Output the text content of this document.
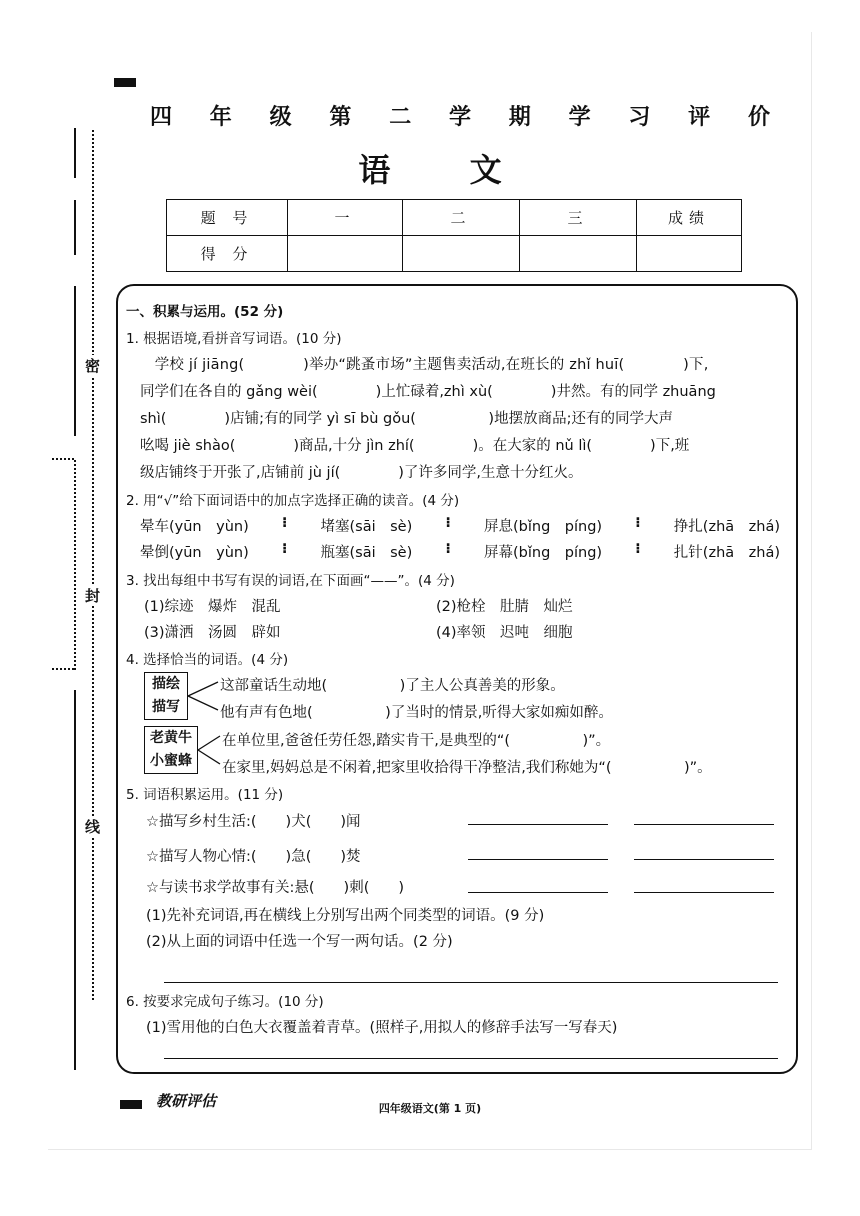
四 年 级 第 二 学 期 学 习 评 价
语 文
题 号	一	二	三	成绩
得 分				
密
封
线
一、积累与运用。(52 分)
1. 根据语境,看拼音写词语。(10 分)
　学校 jí jiāng(　　　　)举办“跳蚤市场”主题售卖活动,在班长的 zhǐ huī(　　　　)下,
同学们在各自的 gǎng wèi(　　　　)上忙碌着,zhì xù(　　　　)井然。有的同学 zhuāng
shì(　　　　)店铺;有的同学 yì sī bù gǒu(　　　　　)地摆放商品;还有的同学大声
吆喝 jiè shào(　　　　)商品,十分 jìn zhí(　　　　)。在大家的 nǔ lì(　　　　)下,班
级店铺终于开张了,店铺前 jù jí(　　　　)了许多同学,生意十分红火。
2. 用“√”给下面词语中的加点字选择正确的读音。(4 分)
晕车(yūn　yùn) ⁝ 堵塞(sāi　sè) ⁝ 屏息(bǐng　píng) ⁝ 挣扎(zhā　zhá)
晕倒(yūn　yùn) ⁝ 瓶塞(sāi　sè) ⁝ 屏幕(bǐng　píng) ⁝ 扎针(zhā　zhá)
3. 找出每组中书写有误的词语,在下面画“——”。(4 分)
(1)综迹　爆炸　混乱	(2)枪栓　肚腈　灿烂
(3)潇洒　汤圆　辟如	(4)率领　迟吨　细胞
4. 选择恰当的词语。(4 分)
描绘
描写
这部童话生动地(　　　　　)了主人公真善美的形象。
他有声有色地(　　　　　)了当时的情景,听得大家如痴如醉。
老黄牛
小蜜蜂
在单位里,爸爸任劳任怨,踏实肯干,是典型的“(　　　　　)”。
在家里,妈妈总是不闲着,把家里收拾得干净整洁,我们称她为“(　　　　　)”。
5. 词语积累运用。(11 分)
☆描写乡村生活:(　　)犬(　　)闻
☆描写人物心情:(　　)急(　　)焚
☆与读书求学故事有关:悬(　　)刺(　　)
(1)先补充词语,再在横线上分别写出两个同类型的词语。(9 分)
(2)从上面的词语中任选一个写一两句话。(2 分)
6. 按要求完成句子练习。(10 分)
(1)雪用他的白色大衣覆盖着青草。(照样子,用拟人的修辞手法写一写春天)
教研评估	四年级语文(第 1 页)
